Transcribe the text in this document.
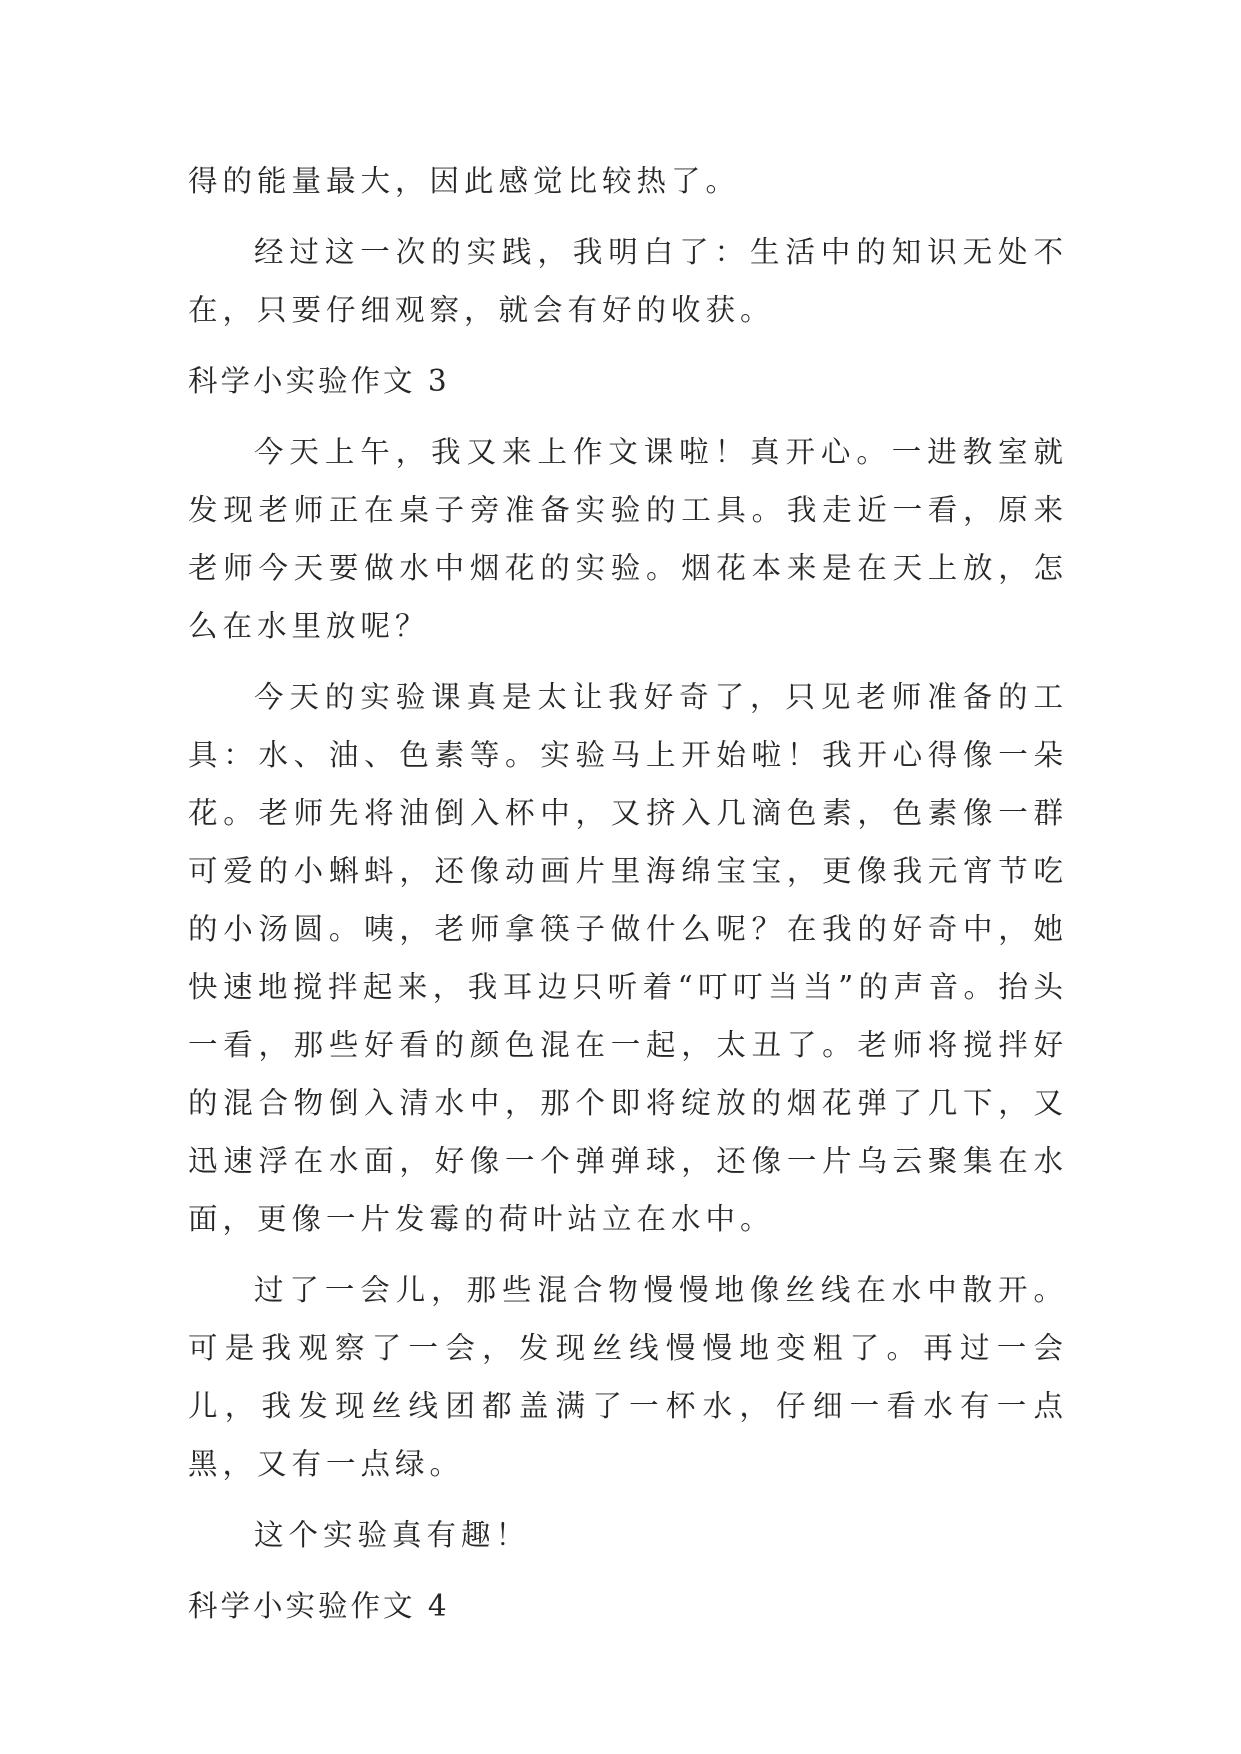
得的能量最大，因此感觉比较热了。

经过这一次的实践，我明白了：生活中的知识无处不在，只要仔细观察，就会有好的收获。

科学小实验作文 3

今天上午，我又来上作文课啦！真开心。一进教室就发现老师正在桌子旁准备实验的工具。我走近一看，原来老师今天要做水中烟花的实验。烟花本来是在天上放，怎么在水里放呢？

今天的实验课真是太让我好奇了，只见老师准备的工具：水、油、色素等。实验马上开始啦！我开心得像一朵花。老师先将油倒入杯中，又挤入几滴色素，色素像一群可爱的小蝌蚪，还像动画片里海绵宝宝，更像我元宵节吃的小汤圆。咦，老师拿筷子做什么呢？在我的好奇中，她快速地搅拌起来，我耳边只听着“叮叮当当”的声音。抬头一看，那些好看的颜色混在一起，太丑了。老师将搅拌好的混合物倒入清水中，那个即将绽放的烟花弹了几下，又迅速浮在水面，好像一个弹弹球，还像一片乌云聚集在水面，更像一片发霉的荷叶站立在水中。

过了一会儿，那些混合物慢慢地像丝线在水中散开。可是我观察了一会，发现丝线慢慢地变粗了。再过一会儿，我发现丝线团都盖满了一杯水，仔细一看水有一点黑，又有一点绿。

这个实验真有趣！

科学小实验作文 4
